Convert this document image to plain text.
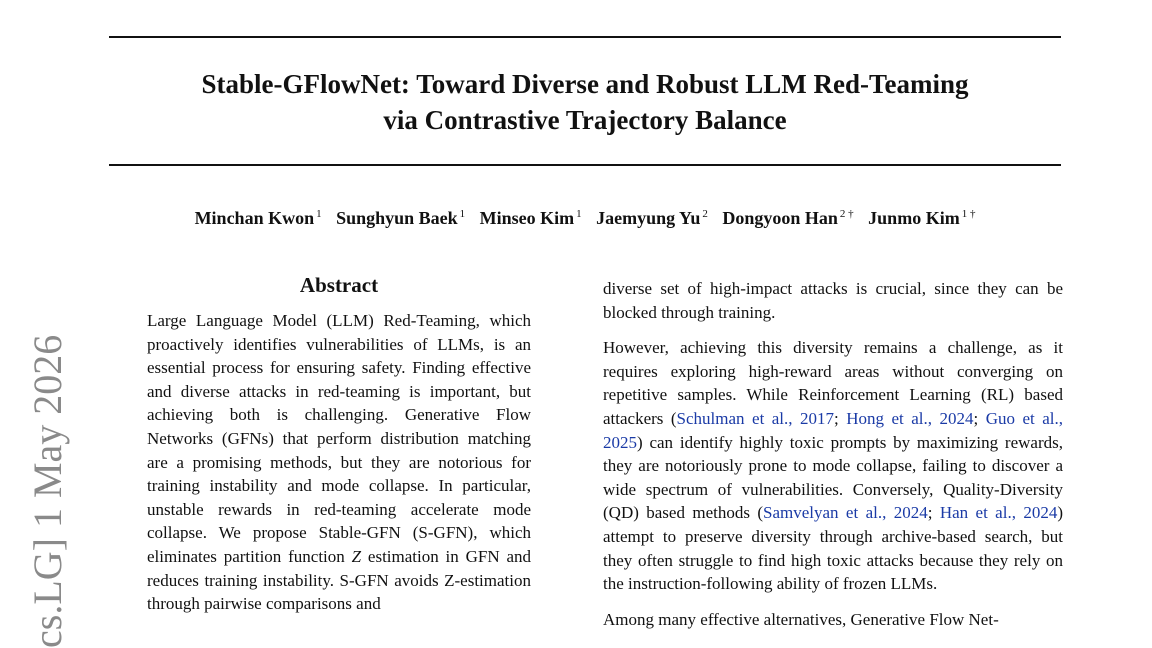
cs.LG] 1 May 2026
Stable-GFlowNet: Toward Diverse and Robust LLM Red-Teaming
via Contrastive Trajectory Balance
Minchan Kwon $^1$ Sunghyun Baek $^1$ Minseo Kim $^1$ Jaemyung Yu $^2$ Dongyoon Han $^{2 \dagger}$ Junmo Kim $^{1 \dagger}$
Abstract

Large Language Model (LLM) Red-Teaming, which proactively identifies vulnerabilities of LLMs, is an essential process for ensuring safety. Finding effective and diverse attacks in red-teaming is important, but achieving both is challenging. Generative Flow Networks (GFNs) that perform distribution matching are a promising methods, but they are notorious for training instability and mode collapse. In particular, unstable rewards in red-teaming accelerate mode collapse. We propose Stable-GFN (S-GFN), which eliminates partition function Z estimation in GFN and reduces training instability. S-GFN avoids Z-estimation through pairwise comparisons and

diverse set of high-impact attacks is crucial, since they can be blocked through training.

However, achieving this diversity remains a challenge, as it requires exploring high-reward areas without converging on repetitive samples. While Reinforcement Learning (RL) based attackers (Schulman et al., 2017; Hong et al., 2024; Guo et al., 2025) can identify highly toxic prompts by maximizing rewards, they are notoriously prone to mode collapse, failing to discover a wide spectrum of vulnerabilities. Conversely, Quality-Diversity (QD) based methods (Samvelyan et al., 2024; Han et al., 2024) attempt to preserve diversity through archive-based search, but they often struggle to find high toxic attacks because they rely on the instruction-following ability of frozen LLMs.

Among many effective alternatives, Generative Flow Net-
